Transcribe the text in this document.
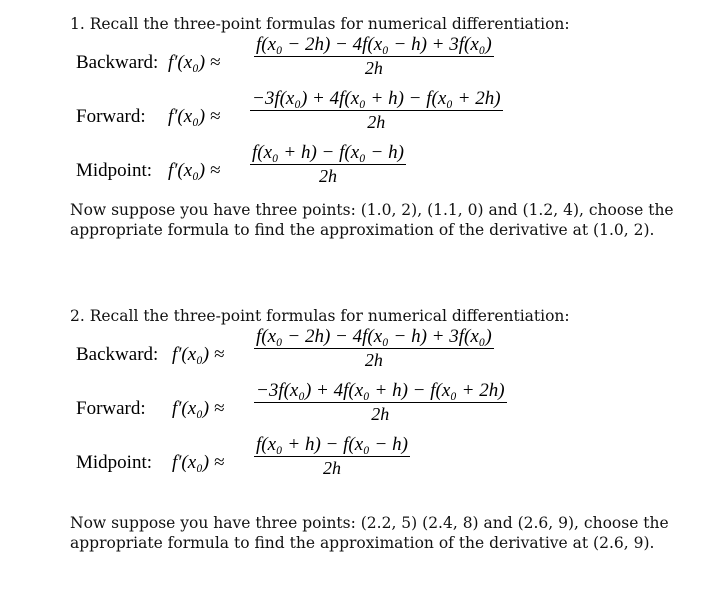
1. Recall the three-point formulas for numerical differentiation:
Backward: f′(x₀) ≈
f(x₀ − 2h) − 4f(x₀ − h) + 3f(x₀)
2h
Forward: f′(x₀) ≈
−3f(x₀) + 4f(x₀ + h) − f(x₀ + 2h)
2h
Midpoint: f′(x₀) ≈
f(x₀ + h) − f(x₀ − h)
2h
Now suppose you have three points: (1.0, 2), (1.1, 0) and (1.2, 4), choose the appropriate formula to find the approximation of the derivative at (1.0, 2).
2. Recall the three-point formulas for numerical differentiation:
Backward: f′(x₀) ≈
f(x₀ − 2h) − 4f(x₀ − h) + 3f(x₀)
2h
Forward: f′(x₀) ≈
−3f(x₀) + 4f(x₀ + h) − f(x₀ + 2h)
2h
Midpoint: f′(x₀) ≈
f(x₀ + h) − f(x₀ − h)
2h
Now suppose you have three points: (2.2, 5) (2.4, 8) and (2.6, 9), choose the appropriate formula to find the approximation of the derivative at (2.6, 9).
